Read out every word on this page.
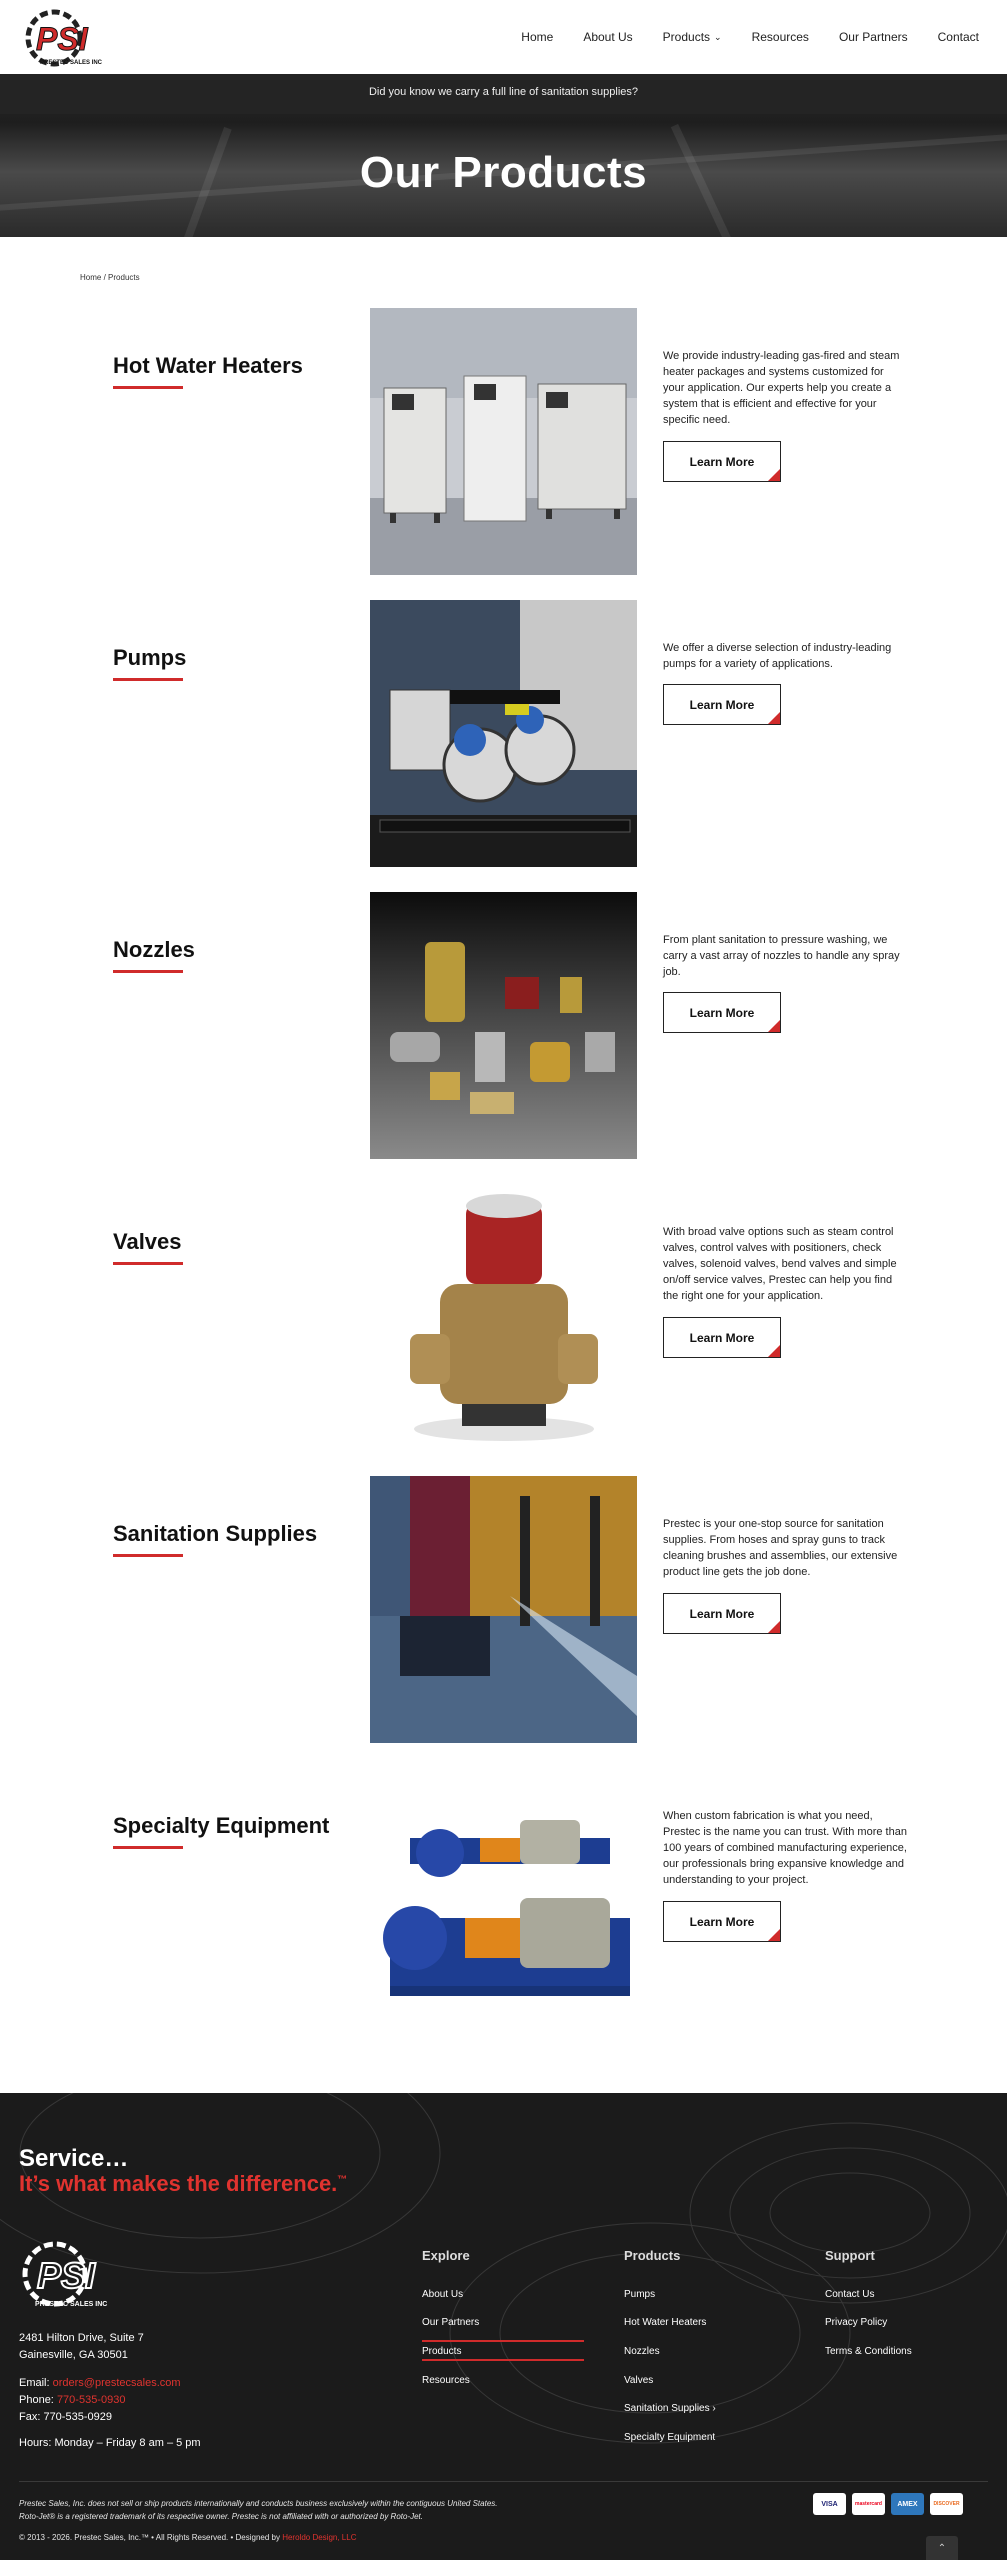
PSI
PRESTEC SALES INC
Home	About Us	Products ⌄	Resources	Our Partners	Contact
Did you know we carry a full line of sanitation supplies?
Our Products
Home / Products
Hot Water Heaters	We provide industry-leading gas-fired and steam heater packages and systems customized for your application. Our experts help you create a system that is efficient and effective for your specific need.
Learn More
Pumps	We offer a diverse selection of industry-leading pumps for a variety of applications.
Learn More
Nozzles	From plant sanitation to pressure washing, we carry a vast array of nozzles to handle any spray job.
Learn More
Valves	With broad valve options such as steam control valves, control valves with positioners, check valves, solenoid valves, bend valves and simple on/off service valves, Prestec can help you find the right one for your application.
Learn More
Sanitation Supplies	Prestec is your one-stop source for sanitation supplies. From hoses and spray guns to track cleaning brushes and assemblies, our extensive product line gets the job done.
Learn More
Specialty Equipment	When custom fabrication is what you need, Prestec is the name you can trust. With more than 100 years of combined manufacturing experience, our professionals bring expansive knowledge and understanding to your project.
Learn More
Service…
It’s what makes the difference.™
PSI
PRESTEC SALES INC
2481 Hilton Drive, Suite 7
Gainesville, GA 30501
Email: orders@prestecsales.com
Phone: 770-535-0930
Fax: 770-535-0929
Hours: Monday – Friday 8 am – 5 pm
Explore
About Us
Our Partners
Products
Resources
Products
Pumps
Hot Water Heaters
Nozzles
Valves
Sanitation Supplies ›
Specialty Equipment
Support
Contact Us
Privacy Policy
Terms & Conditions
Prestec Sales, Inc. does not sell or ship products internationally and conducts business exclusively within the contiguous United States.
Roto-Jet® is a registered trademark of its respective owner. Prestec is not affiliated with or authorized by Roto-Jet.
© 2013 - 2026. Prestec Sales, Inc.™ • All Rights Reserved. • Designed by Heroldo Design, LLC
VISA	mastercard	AMEX	DISCOVER
⌃
